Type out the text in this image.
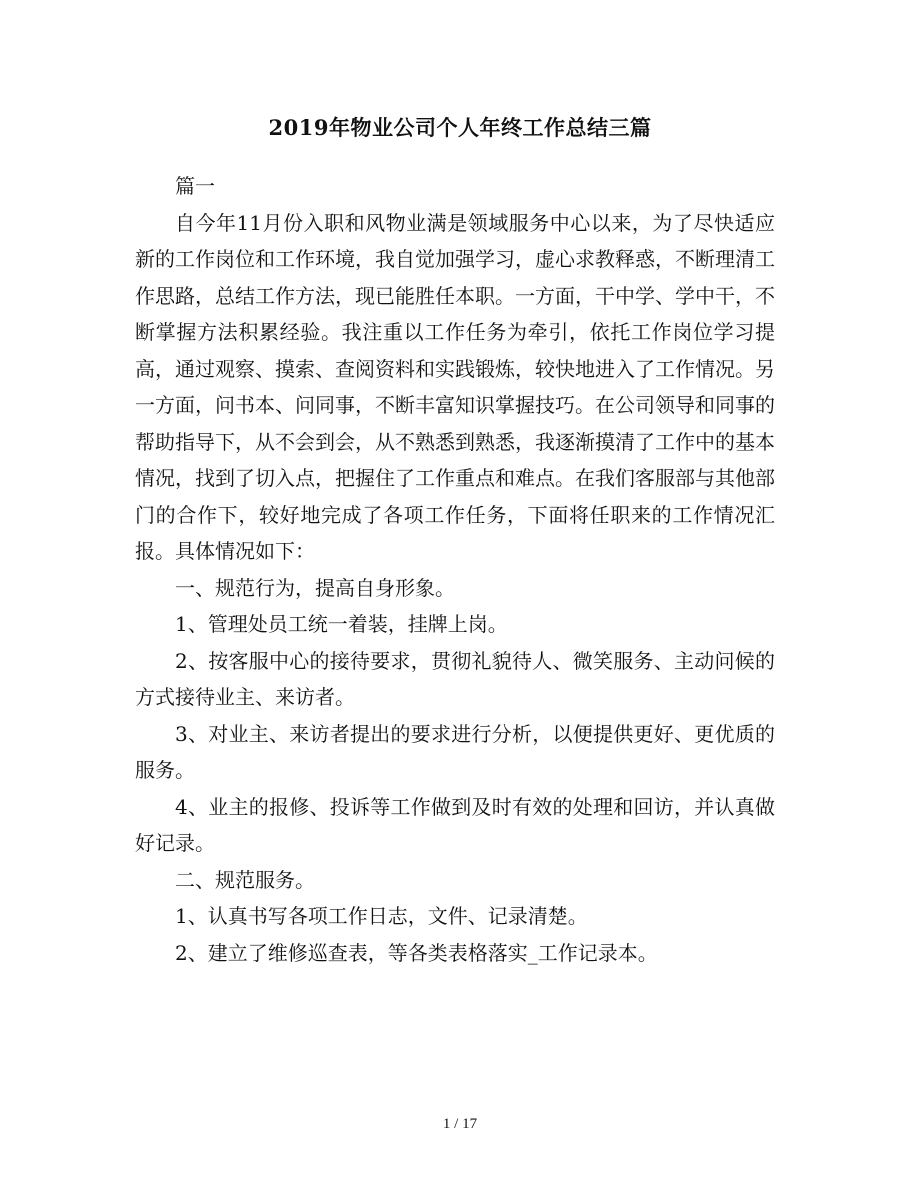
2019年物业公司个人年终工作总结三篇

篇一

自今年11月份入职和风物业满是领域服务中心以来，为了尽快适应新的工作岗位和工作环境，我自觉加强学习，虚心求教释惑，不断理清工作思路，总结工作方法，现已能胜任本职。一方面，干中学、学中干，不断掌握方法积累经验。我注重以工作任务为牵引，依托工作岗位学习提高，通过观察、摸索、查阅资料和实践锻炼，较快地进入了工作情况。另一方面，问书本、问同事，不断丰富知识掌握技巧。在公司领导和同事的帮助指导下，从不会到会，从不熟悉到熟悉，我逐渐摸清了工作中的基本情况，找到了切入点，把握住了工作重点和难点。在我们客服部与其他部门的合作下，较好地完成了各项工作任务，下面将任职来的工作情况汇报。具体情况如下：

一、规范行为，提高自身形象。

1、管理处员工统一着装，挂牌上岗。

2、按客服中心的接待要求，贯彻礼貌待人、微笑服务、主动问候的方式接待业主、来访者。

3、对业主、来访者提出的要求进行分析，以便提供更好、更优质的服务。

4、业主的报修、投诉等工作做到及时有效的处理和回访，并认真做好记录。

二、规范服务。

1、认真书写各项工作日志，文件、记录清楚。

2、建立了维修巡查表，等各类表格落实_工作记录本。

1 / 17
